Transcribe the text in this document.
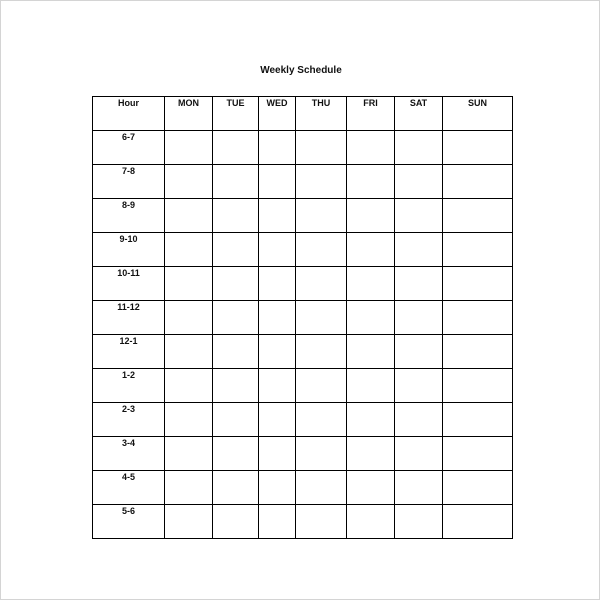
Weekly Schedule
Hour	MON	TUE	WED	THU	FRI	SAT	SUN
6-7							
7-8							
8-9							
9-10							
10-11							
11-12							
12-1							
1-2							
2-3							
3-4							
4-5							
5-6							
